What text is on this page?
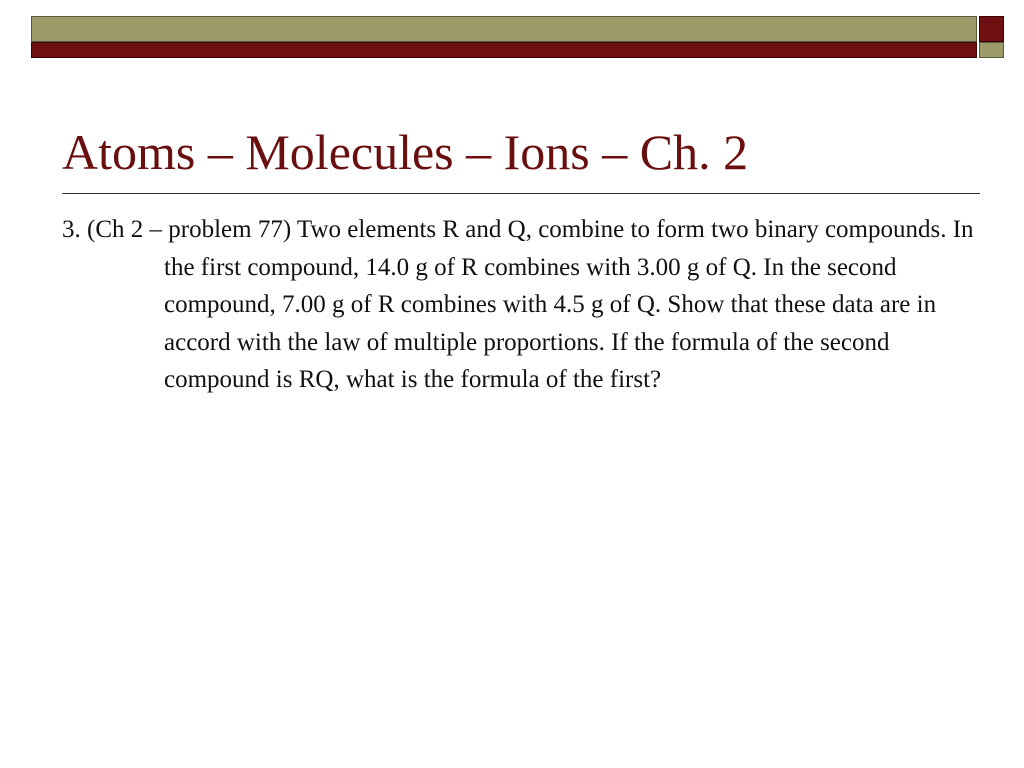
Atoms – Molecules – Ions – Ch. 2

3. (Ch 2 – problem 77) Two elements R and Q, combine to form two binary compounds. In the first compound, 14.0 g of R combines with 3.00 g of Q. In the second compound, 7.00 g of R combines with 4.5 g of Q. Show that these data are in accord with the law of multiple proportions. If the formula of the second compound is RQ, what is the formula of the first?
